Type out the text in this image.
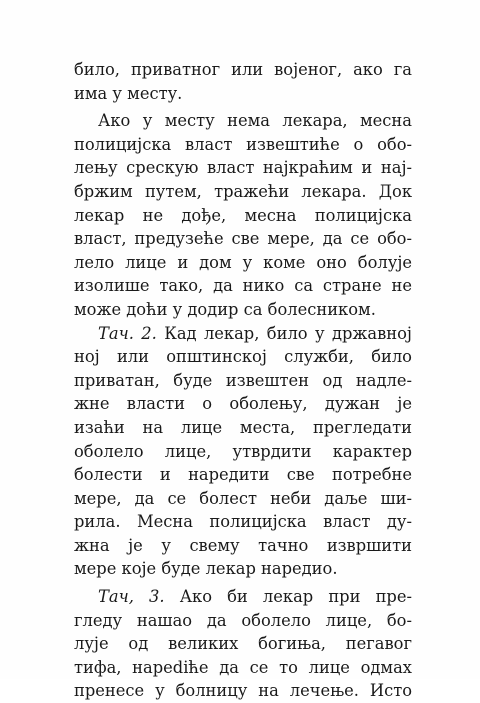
било, приватног или војеног, ако га
има у месту.
Ако у месту нема лекара, месна
полицијска власт извештиће о обо-
лењу срескую власт најкраћим и нај-
бржим путем, тражећи лекара. Док
лекар не дође, месна полицијска
власт, предузеће све мере, да се обо-
лело лице и дом у коме оно болује
изолише тако, да нико са стране не
може доћи у додир са болесником.
Тач. 2. Кад лекар, било у државној
ној или општинској служби, било
приватан, буде извештен од надле-
жне власти о оболењу, дужан је
изаћи на лице места, прегледати
оболело лице, утврдити карактер
болести и наредити све потребне
мере, да се болест неби даље ши-
рила. Месна полицијска власт ду-
жна је у свему тачно извршити
мере које буде лекар наредио.
Тач, 3. Ако би лекар при пре-
гледу нашао да оболело лице, бо-
лује од великих богиња, пегавог
тифа, нарediће да се то лице одмах
пренесе у болницу на лечење. Исто
